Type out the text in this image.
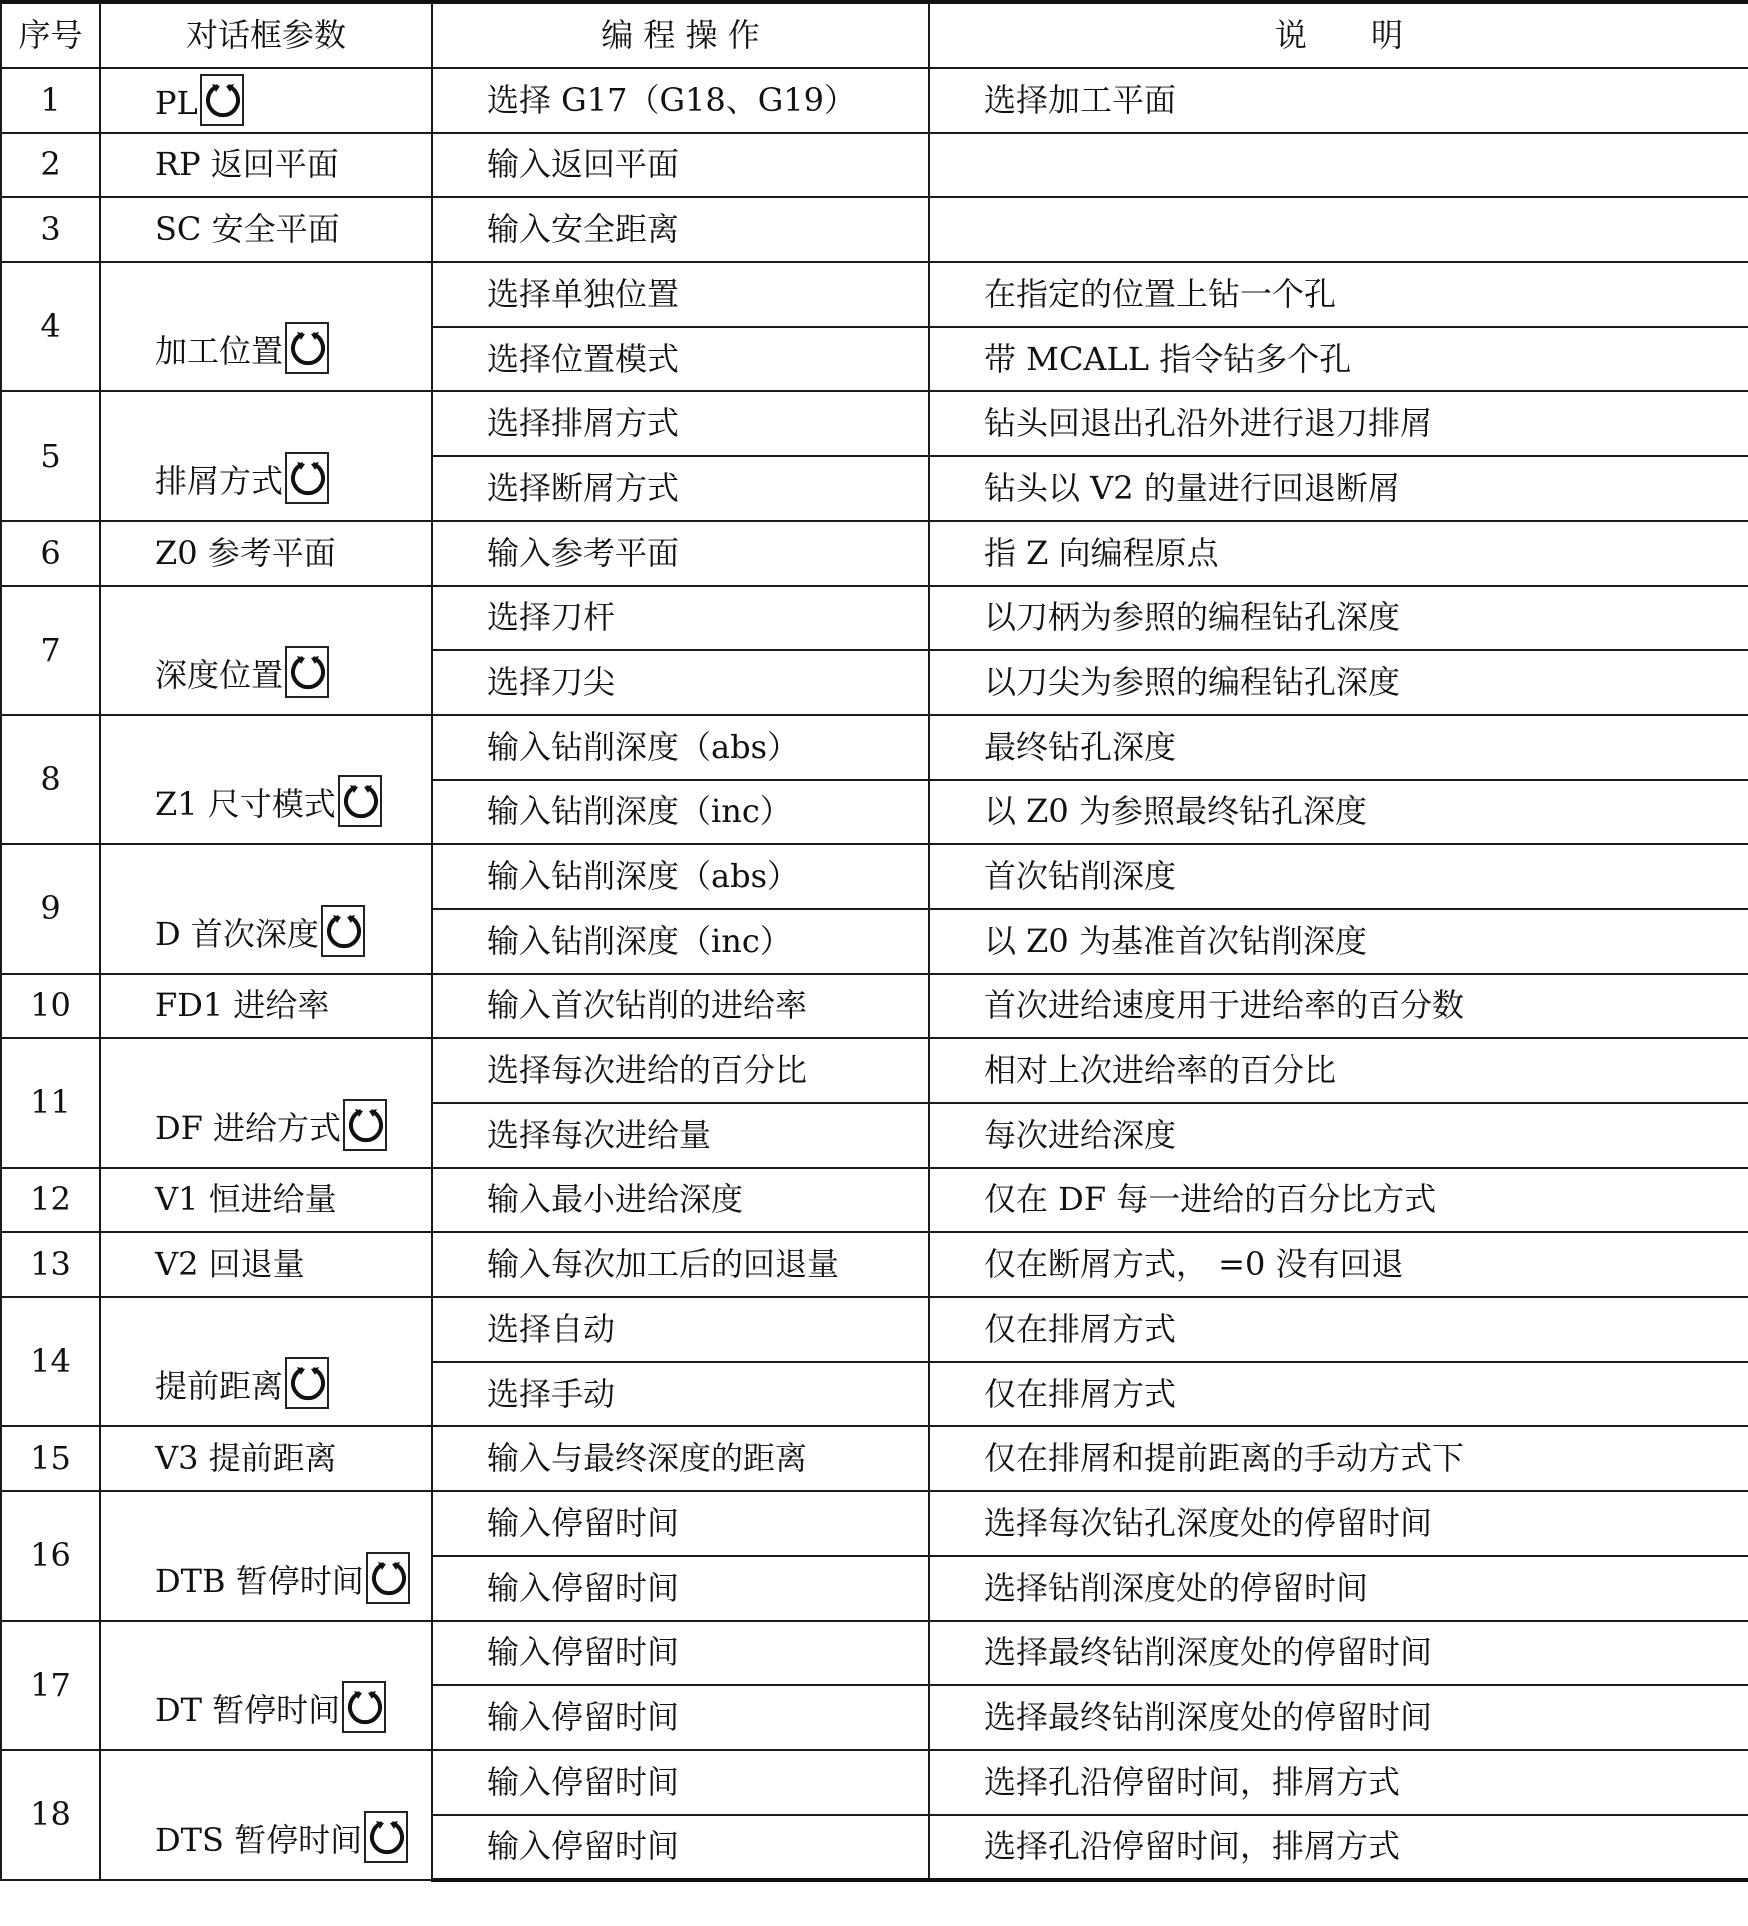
序号	对话框参数	编 程 操 作	说　　明
1	PL	选择 G17（G18、G19）	选择加工平面
2	RP 返回平面	输入返回平面	
3	SC 安全平面	输入安全距离	
4	加工位置	选择单独位置	在指定的位置上钻一个孔
		选择位置模式	带 MCALL 指令钻多个孔
5	排屑方式	选择排屑方式	钻头回退出孔沿外进行退刀排屑
		选择断屑方式	钻头以 V2 的量进行回退断屑
6	Z0 参考平面	输入参考平面	指 Z 向编程原点
7	深度位置	选择刀杆	以刀柄为参照的编程钻孔深度
		选择刀尖	以刀尖为参照的编程钻孔深度
8	Z1 尺寸模式	输入钻削深度（abs）	最终钻孔深度
		输入钻削深度（inc）	以 Z0 为参照最终钻孔深度
9	D 首次深度	输入钻削深度（abs）	首次钻削深度
		输入钻削深度（inc）	以 Z0 为基准首次钻削深度
10	FD1 进给率	输入首次钻削的进给率	首次进给速度用于进给率的百分数
11	DF 进给方式	选择每次进给的百分比	相对上次进给率的百分比
		选择每次进给量	每次进给深度
12	V1 恒进给量	输入最小进给深度	仅在 DF 每一进给的百分比方式
13	V2 回退量	输入每次加工后的回退量	仅在断屑方式， =0 没有回退
14	提前距离	选择自动	仅在排屑方式
		选择手动	仅在排屑方式
15	V3 提前距离	输入与最终深度的距离	仅在排屑和提前距离的手动方式下
16	DTB 暂停时间	输入停留时间	选择每次钻孔深度处的停留时间
		输入停留时间	选择钻削深度处的停留时间
17	DT 暂停时间	输入停留时间	选择最终钻削深度处的停留时间
		输入停留时间	选择最终钻削深度处的停留时间
18	DTS 暂停时间	输入停留时间	选择孔沿停留时间，排屑方式
		输入停留时间	选择孔沿停留时间，排屑方式
